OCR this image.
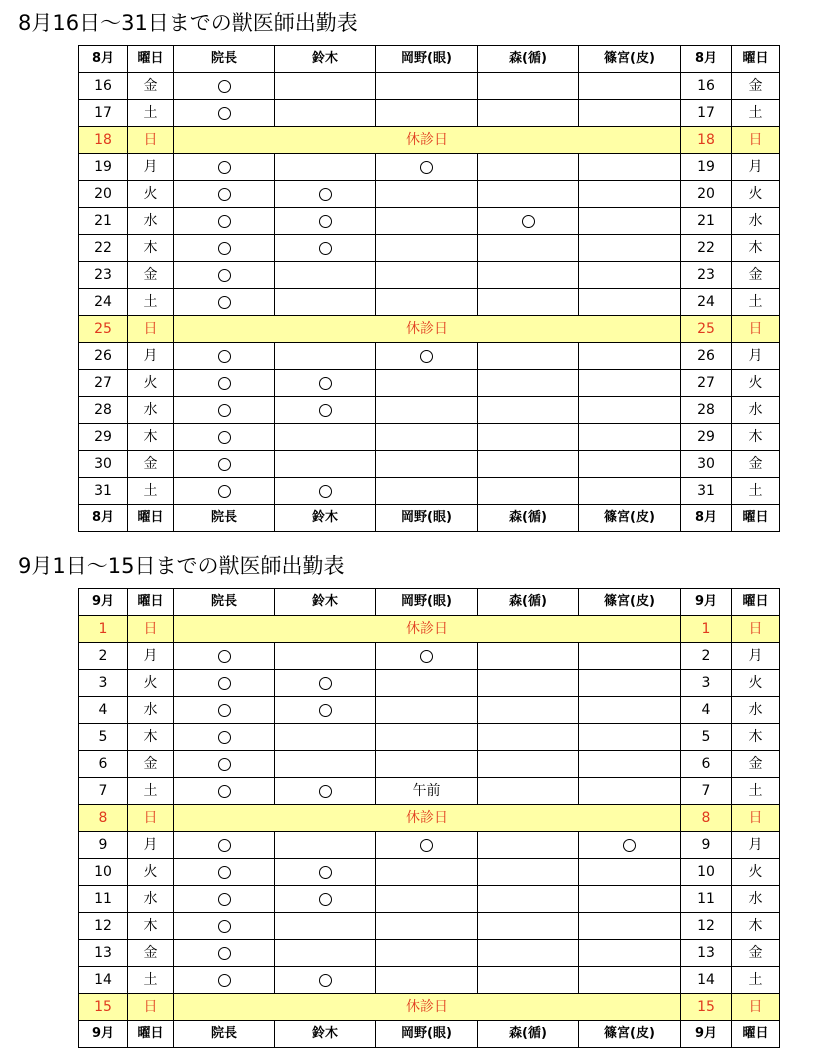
8月16日〜31日までの獣医師出勤表
8月	曜日	院長	鈴木	岡野(眼)	森(循)	篠宮(皮)	8月	曜日
16	金						16	金
17	土						17	土
18	日	休診日					18	日
19	月						19	月
20	火						20	火
21	水						21	水
22	木						22	木
23	金						23	金
24	土						24	土
25	日	休診日					25	日
26	月						26	月
27	火						27	火
28	水						28	水
29	木						29	木
30	金						30	金
31	土						31	土
8月	曜日	院長	鈴木	岡野(眼)	森(循)	篠宮(皮)	8月	曜日
9月1日〜15日までの獣医師出勤表
9月	曜日	院長	鈴木	岡野(眼)	森(循)	篠宮(皮)	9月	曜日
1	日	休診日					1	日
2	月						2	月
3	火						3	火
4	水						4	水
5	木						5	木
6	金						6	金
7	土			午前			7	土
8	日	休診日					8	日
9	月						9	月
10	火						10	火
11	水						11	水
12	木						12	木
13	金						13	金
14	土						14	土
15	日	休診日					15	日
9月	曜日	院長	鈴木	岡野(眼)	森(循)	篠宮(皮)	9月	曜日
